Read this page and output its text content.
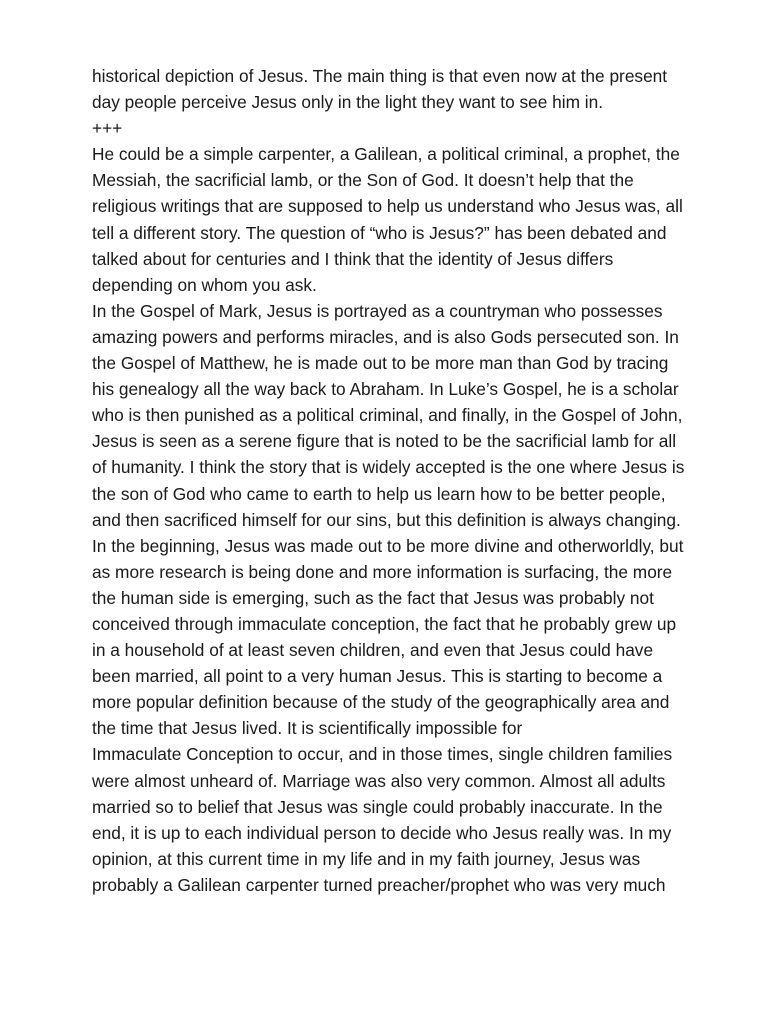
historical depiction of Jesus. The main thing is that even now at the present
day people perceive Jesus only in the light they want to see him in.
+++
He could be a simple carpenter, a Galilean, a political criminal, a prophet, the
Messiah, the sacrificial lamb, or the Son of God. It doesn’t help that the
religious writings that are supposed to help us understand who Jesus was, all
tell a different story. The question of “who is Jesus?” has been debated and
talked about for centuries and I think that the identity of Jesus differs
depending on whom you ask.
In the Gospel of Mark, Jesus is portrayed as a countryman who possesses
amazing powers and performs miracles, and is also Gods persecuted son. In
the Gospel of Matthew, he is made out to be more man than God by tracing
his genealogy all the way back to Abraham. In Luke’s Gospel, he is a scholar
who is then punished as a political criminal, and finally, in the Gospel of John,
Jesus is seen as a serene figure that is noted to be the sacrificial lamb for all
of humanity. I think the story that is widely accepted is the one where Jesus is
the son of God who came to earth to help us learn how to be better people,
and then sacrificed himself for our sins, but this definition is always changing.
In the beginning, Jesus was made out to be more divine and otherworldly, but
as more research is being done and more information is surfacing, the more
the human side is emerging, such as the fact that Jesus was probably not
conceived through immaculate conception, the fact that he probably grew up
in a household of at least seven children, and even that Jesus could have
been married, all point to a very human Jesus. This is starting to become a
more popular definition because of the study of the geographically area and
the time that Jesus lived. It is scientifically impossible for
Immaculate Conception to occur, and in those times, single children families
were almost unheard of. Marriage was also very common. Almost all adults
married so to belief that Jesus was single could probably inaccurate. In the
end, it is up to each individual person to decide who Jesus really was. In my
opinion, at this current time in my life and in my faith journey, Jesus was
probably a Galilean carpenter turned preacher/prophet who was very much
